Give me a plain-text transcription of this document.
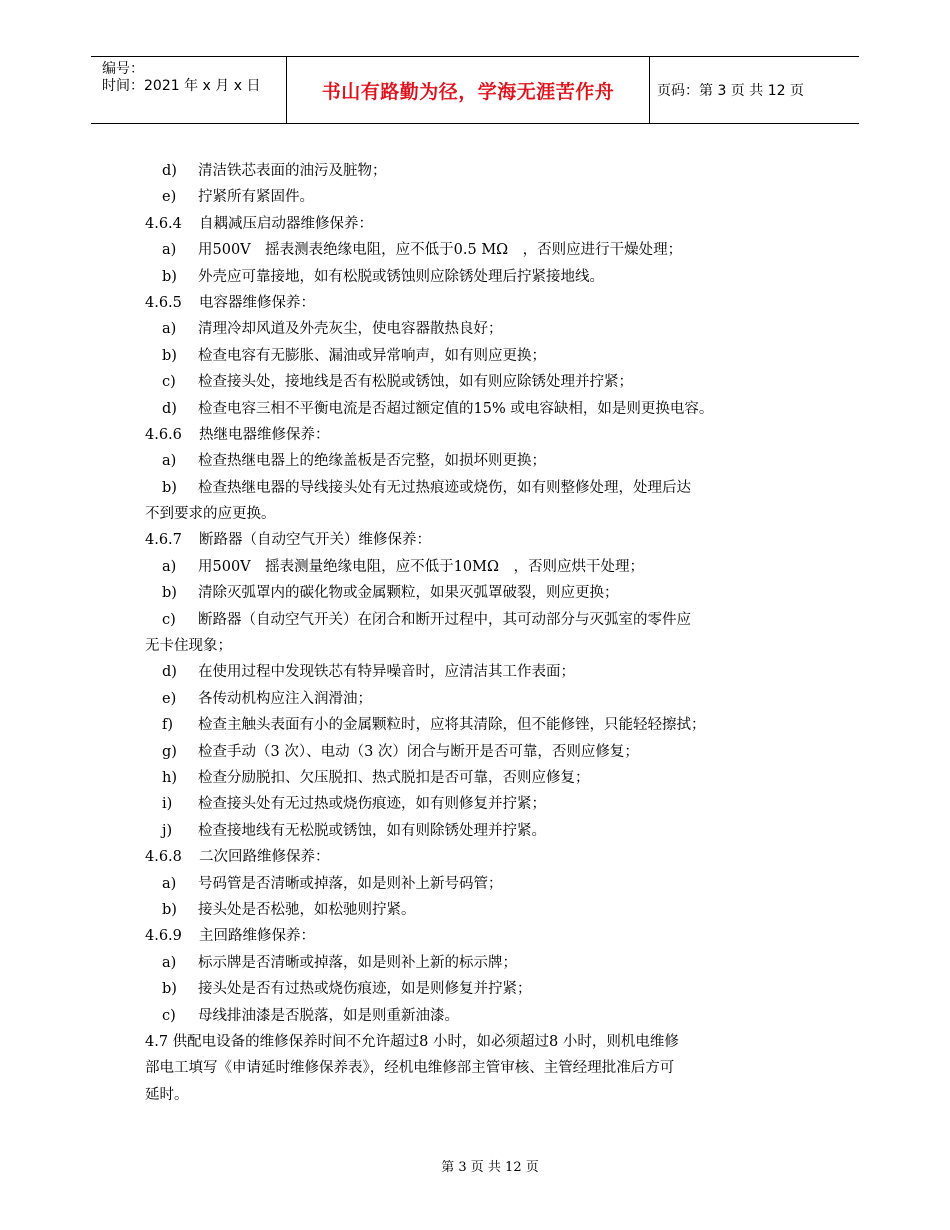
编号：
时间：2021 年 x 月 x 日	书山有路勤为径，学海无涯苦作舟	页码：第 3 页 共 12 页
d) 清洁铁芯表面的油污及脏物；
e) 拧紧所有紧固件。
4.6.4 自耦减压启动器维修保养：
a) 用500V　摇表测表绝缘电阻，应不低于0.5 MΩ　，否则应进行干燥处理；
b) 外壳应可靠接地，如有松脱或锈蚀则应除锈处理后拧紧接地线。
4.6.5 电容器维修保养：
a) 清理冷却风道及外壳灰尘，使电容器散热良好；
b) 检查电容有无膨胀、漏油或异常响声，如有则应更换；
c) 检查接头处，接地线是否有松脱或锈蚀，如有则应除锈处理并拧紧；
d) 检查电容三相不平衡电流是否超过额定值的15% 或电容缺相，如是则更换电容。
4.6.6 热继电器维修保养：
a) 检查热继电器上的绝缘盖板是否完整，如损坏则更换；
b) 检查热继电器的导线接头处有无过热痕迹或烧伤，如有则整修处理，处理后达
不到要求的应更换。
4.6.7 断路器（自动空气开关）维修保养：
a) 用500V　摇表测量绝缘电阻，应不低于10MΩ　，否则应烘干处理；
b) 清除灭弧罩内的碳化物或金属颗粒，如果灭弧罩破裂，则应更换；
c) 断路器（自动空气开关）在闭合和断开过程中，其可动部分与灭弧室的零件应
无卡住现象；
d) 在使用过程中发现铁芯有特异噪音时，应清洁其工作表面；
e) 各传动机构应注入润滑油；
f) 检查主触头表面有小的金属颗粒时，应将其清除，但不能修锉，只能轻轻擦拭；
g) 检查手动（3 次）、电动（3 次）闭合与断开是否可靠，否则应修复；
h) 检查分励脱扣、欠压脱扣、热式脱扣是否可靠，否则应修复；
i) 检查接头处有无过热或烧伤痕迹，如有则修复并拧紧；
j) 检查接地线有无松脱或锈蚀，如有则除锈处理并拧紧。
4.6.8 二次回路维修保养：
a) 号码管是否清晰或掉落，如是则补上新号码管；
b) 接头处是否松驰，如松驰则拧紧。
4.6.9 主回路维修保养：
a) 标示牌是否清晰或掉落，如是则补上新的标示牌；
b) 接头处是否有过热或烧伤痕迹，如是则修复并拧紧；
c) 母线排油漆是否脱落，如是则重新油漆。
4.7 供配电设备的维修保养时间不允许超过8 小时，如必须超过8 小时，则机电维修
部电工填写《申请延时维修保养表》，经机电维修部主管审核、主管经理批准后方可
延时。
第 3 页 共 12 页
